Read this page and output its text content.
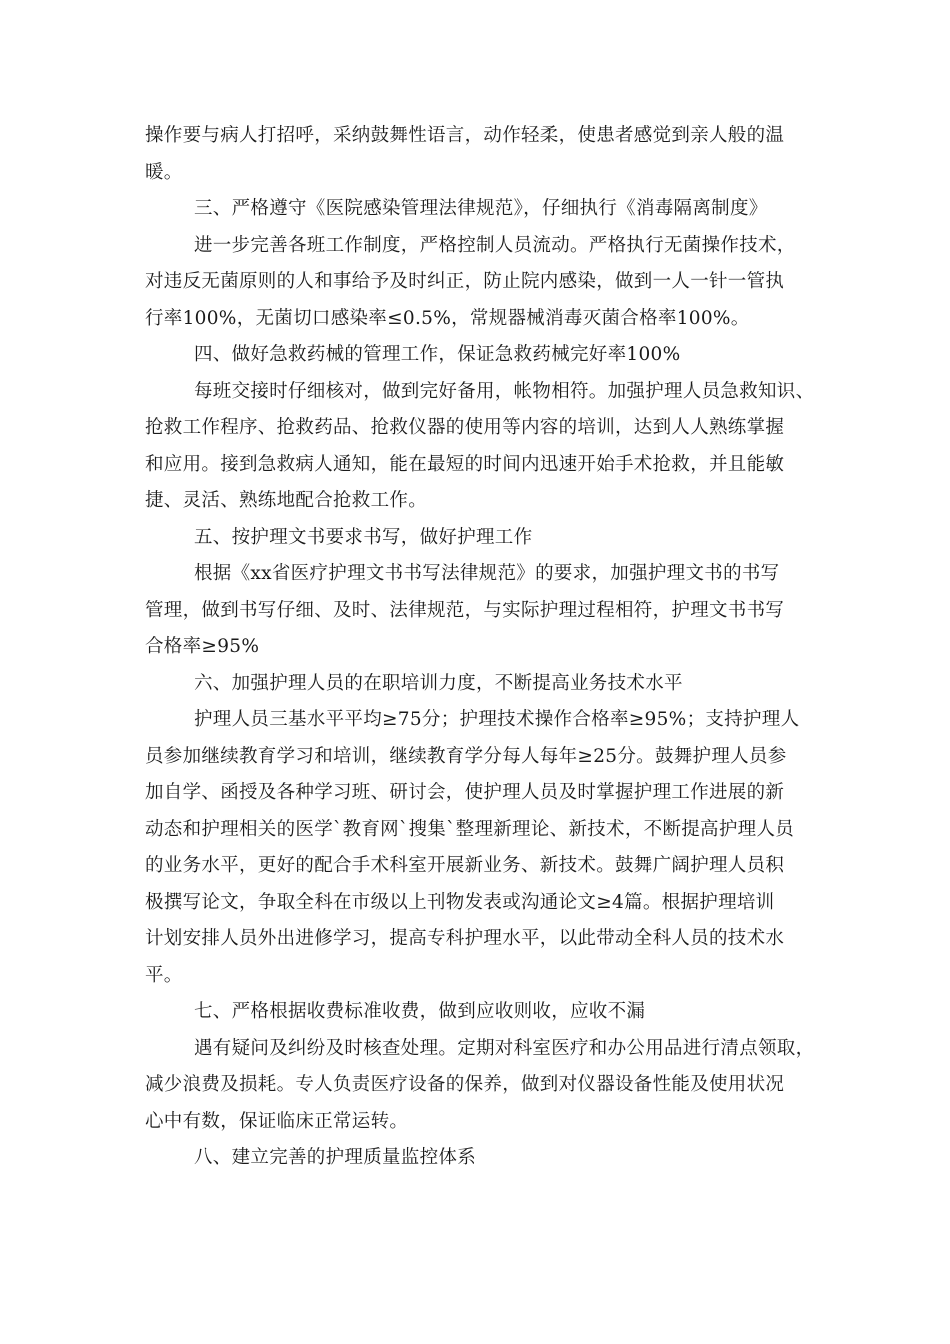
操作要与病人打招呼，采纳鼓舞性语言，动作轻柔，使患者感觉到亲人般的温
暖。
三、严格遵守《医院感染管理法律规范》，仔细执行《消毒隔离制度》
进一步完善各班工作制度，严格控制人员流动。严格执行无菌操作技术，
对违反无菌原则的人和事给予及时纠正，防止院内感染，做到一人一针一管执
行率100%，无菌切口感染率≤0.5%，常规器械消毒灭菌合格率100%。
四、做好急救药械的管理工作，保证急救药械完好率100%
每班交接时仔细核对，做到完好备用，帐物相符。加强护理人员急救知识、
抢救工作程序、抢救药品、抢救仪器的使用等内容的培训，达到人人熟练掌握
和应用。接到急救病人通知，能在最短的时间内迅速开始手术抢救，并且能敏
捷、灵活、熟练地配合抢救工作。
五、按护理文书要求书写，做好护理工作
根据《xx省医疗护理文书书写法律规范》的要求，加强护理文书的书写
管理，做到书写仔细、及时、法律规范，与实际护理过程相符，护理文书书写
合格率≥95%
六、加强护理人员的在职培训力度，不断提高业务技术水平
护理人员三基水平平均≥75分；护理技术操作合格率≥95%；支持护理人
员参加继续教育学习和培训，继续教育学分每人每年≥25分。鼓舞护理人员参
加自学、函授及各种学习班、研讨会，使护理人员及时掌握护理工作进展的新
动态和护理相关的医学`教育网`搜集`整理新理论、新技术，不断提高护理人员
的业务水平，更好的配合手术科室开展新业务、新技术。鼓舞广阔护理人员积
极撰写论文，争取全科在市级以上刊物发表或沟通论文≥4篇。根据护理培训
计划安排人员外出进修学习，提高专科护理水平，以此带动全科人员的技术水
平。
七、严格根据收费标准收费，做到应收则收，应收不漏
遇有疑问及纠纷及时核查处理。定期对科室医疗和办公用品进行清点领取，
减少浪费及损耗。专人负责医疗设备的保养，做到对仪器设备性能及使用状况
心中有数，保证临床正常运转。
八、建立完善的护理质量监控体系
